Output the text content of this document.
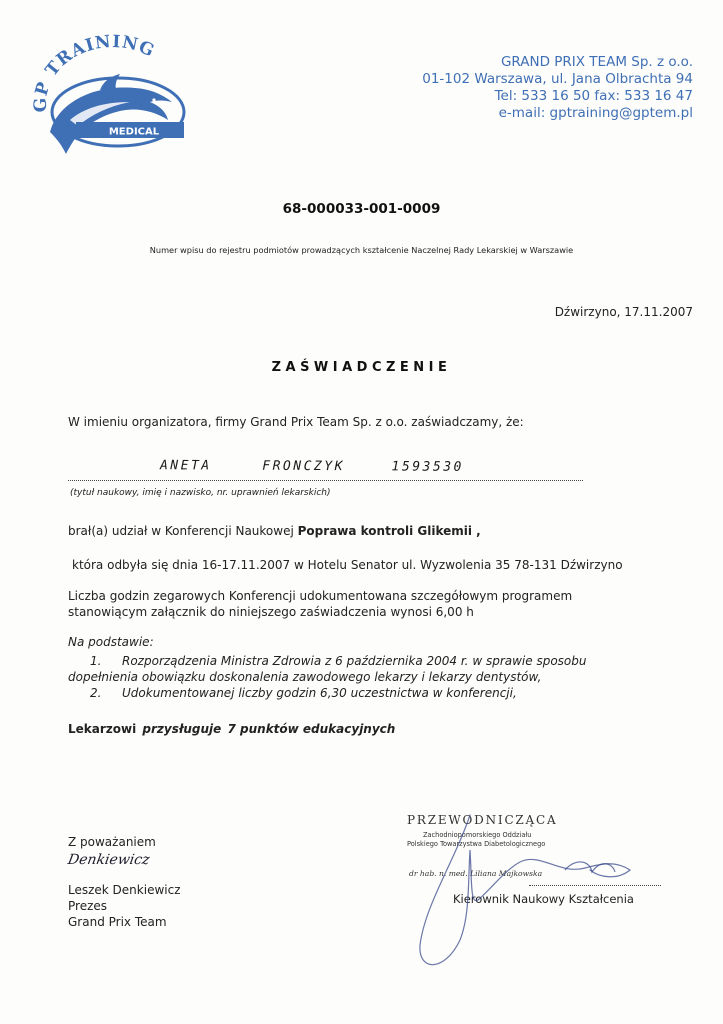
MEDICAL
GP TRAINING
GRAND PRIX TEAM Sp. z o.o.
01-102 Warszawa, ul. Jana Olbrachta 94
Tel: 533 16 50 fax: 533 16 47
e-mail: gptraining@gptem.pl
68-000033-001-0009
Numer wpisu do rejestru podmiotów prowadzących kształcenie Naczelnej Rady Lekarskiej w Warszawie
Dźwirzyno, 17.11.2007
ZAŚWIADCZENIE
W imieniu organizatora, firmy Grand Prix Team Sp. z o.o. zaświadczamy, że:
ANETA	FRONCZYK	1593530
(tytuł naukowy, imię i nazwisko, nr. uprawnień lekarskich)
brał(a) udział w Konferencji Naukowej Poprawa kontroli Glikemii ,
która odbyła się dnia 16-17.11.2007 w Hotelu Senator ul. Wyzwolenia 35 78-131 Dźwirzyno
Liczba godzin zegarowych Konferencji udokumentowana szczegółowym programem
stanowiącym załącznik do niniejszego zaświadczenia wynosi 6,00 h
Na podstawie:
1. Rozporządzenia Ministra Zdrowia z 6 października 2004 r. w sprawie sposobu
dopełnienia obowiązku doskonalenia zawodowego lekarzy i lekarzy dentystów,
2. Udokumentowanej liczby godzin 6,30 uczestnictwa w konferencji,
Lekarzowi przysługuje 7 punktów edukacyjnych
Z poważaniem
Denkiewicz
Leszek Denkiewicz
Prezes
Grand Prix Team
PRZEWODNICZĄCA
Zachodniopomorskiego Oddziału
Polskiego Towarzystwa Diabetologicznego
dr hab. n. med. Liliana Majkowska
Kierownik Naukowy Kształcenia
